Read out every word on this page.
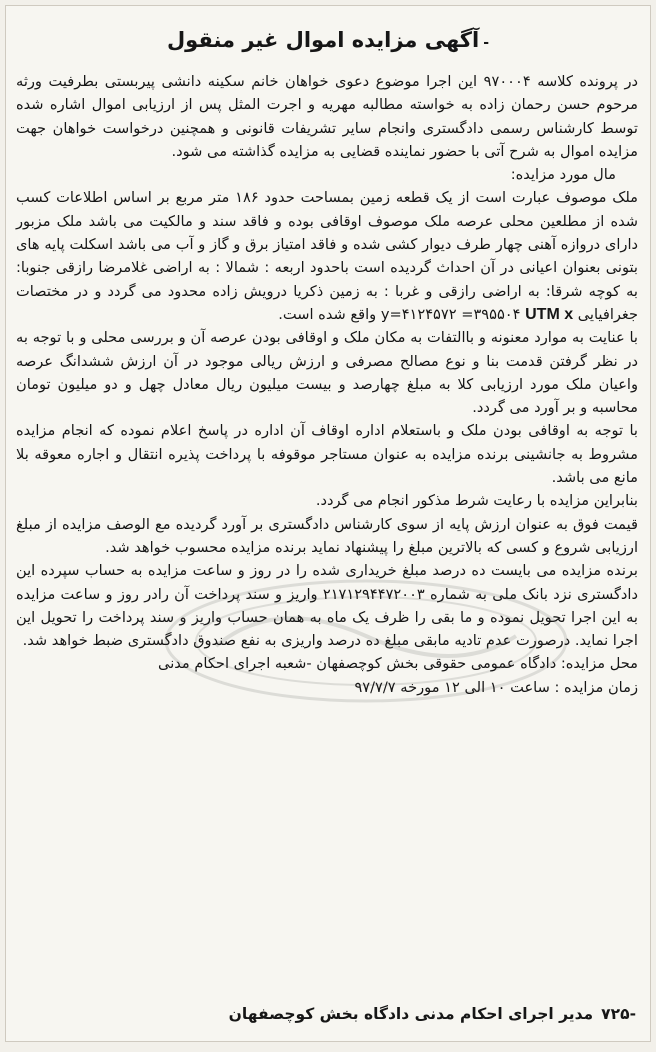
-آگهی مزایده اموال غیر منقول

در پرونده کلاسه ۹۷۰۰۰۴ این اجرا موضوع دعوی خواهان خانم سکینه دانشی پیربستی بطرفیت ورثه مرحوم حسن رحمان زاده به خواسته مطالبه مهریه و اجرت المثل پس از ارزیابی اموال اشاره شده توسط کارشناس رسمی دادگستری وانجام سایر تشریفات قانونی و همچنین درخواست خواهان جهت مزایده اموال به شرح آتی با حضور نماینده قضایی به مزایده گذاشته می شود.

مال مورد مزایده:

ملک موصوف عبارت است از یک قطعه زمین بمساحت حدود ۱۸۶ متر مربع بر اساس اطلاعات کسب شده از مطلعین محلی عرصه ملک موصوف اوقافی بوده و فاقد سند و مالکیت می باشد ملک مزبور دارای دروازه آهنی چهار طرف دیوار کشی شده و فاقد امتیاز برق و گاز و آب می باشد اسکلت پایه های بتونی بعنوان اعیانی در آن احداث گردیده است باحدود اربعه : شمالا : به اراضی غلامرضا رازقی جنوبا: به کوچه شرقا: به اراضی رازقی و غربا : به زمین ذکریا درویش زاده محدود می گردد و در مختصات جغرافیایی y=۴۱۲۴۵۷۲ =۳۹۵۵۰۴ UTM x واقع شده است.

با عنایت به موارد معنونه و باالتفات به مکان ملک و اوقافی بودن عرصه آن و بررسی محلی و با توجه به در نظر گرفتن قدمت بنا و نوع مصالح مصرفی و ارزش ریالی موجود در آن ارزش ششدانگ عرصه واعیان ملک مورد ارزیابی کلا به مبلغ چهارصد و بیست میلیون ریال معادل چهل و دو میلیون تومان محاسبه و بر آورد می گردد.

با توجه به اوقافی بودن ملک و باستعلام اداره اوقاف آن اداره در پاسخ اعلام نموده که انجام مزایده مشروط به جانشینی برنده مزایده به عنوان مستاجر موقوفه با پرداخت پذیره انتقال و اجاره معوقه بلا مانع می باشد.

بنابراین مزایده با رعایت شرط مذکور انجام می گردد.

قیمت فوق به عنوان ارزش پایه از سوی کارشناس دادگستری بر آورد گردیده مع الوصف مزایده از مبلغ ارزیابی شروع و کسی که بالاترین مبلغ را پیشنهاد نماید برنده مزایده محسوب خواهد شد.

برنده مزایده می بایست ده درصد مبلغ خریداری شده را در روز و ساعت مزایده به حساب سپرده این دادگستری نزد بانک ملی به شماره ۲۱۷۱۲۹۴۴۷۲۰۰۳ واریز و سند پرداخت آن رادر روز و ساعت مزایده به این اجرا تحویل نموده و ما بقی را ظرف یک ماه به همان حساب واریز و سند پرداخت را تحویل این اجرا نماید. درصورت عدم تادیه مابقی مبلغ ده درصد واریزی به نفع صندوق دادگستری ضبط خواهد شد.

محل مزایده: دادگاه عمومی حقوقی بخش کوچصفهان -شعبه اجرای احکام مدنی

زمان مزایده : ساعت ۱۰ الی ۱۲ مورخه ۹۷/۷/۷

-۷۲۵مدیر اجرای احکام مدنی دادگاه بخش کوچصفهان
